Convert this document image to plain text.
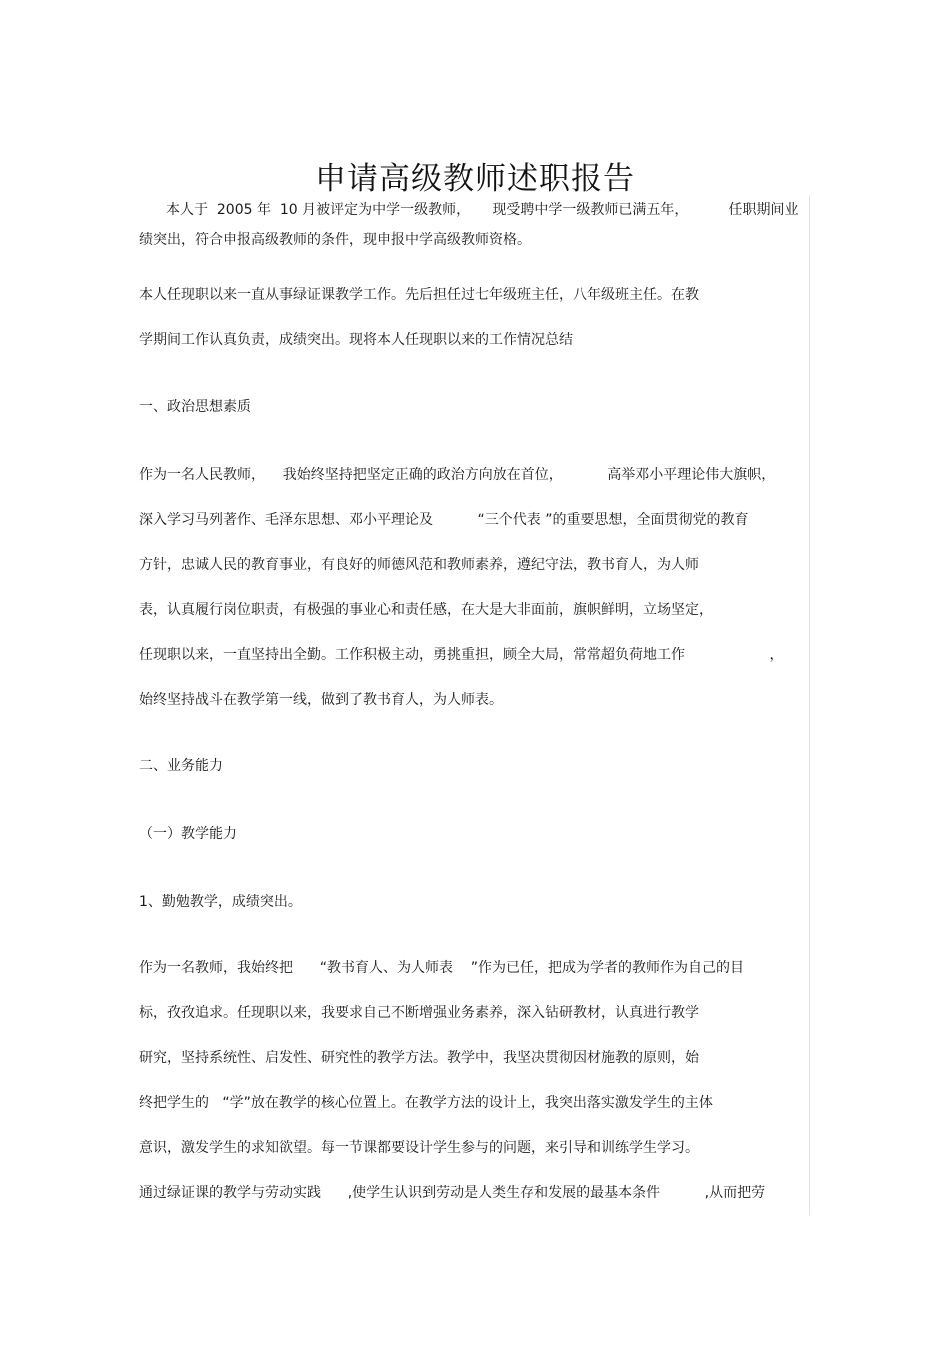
申请高级教师述职报告
本人于  2005 年  10 月被评定为中学一级教师，     现受聘中学一级教师已满五年，         任职期间业
绩突出，符合申报高级教师的条件，现申报中学高级教师资格。
本人任现职以来一直从事绿证课教学工作。先后担任过七年级班主任，八年级班主任。在教
学期间工作认真负责，成绩突出。现将本人任现职以来的工作情况总结
一、政治思想素质
作为一名人民教师，    我始终坚持把坚定正确的政治方向放在首位，          高举邓小平理论伟大旗帜，
深入学习马列著作、毛泽东思想、邓小平理论及          “三个代表 ”的重要思想，全面贯彻党的教育
方针，忠诚人民的教育事业，有良好的师德风范和教师素养，遵纪守法，教书育人，为人师
表，认真履行岗位职责，有极强的事业心和责任感，在大是大非面前，旗帜鲜明，立场坚定，
任现职以来，一直坚持出全勤。工作积极主动，勇挑重担，顾全大局，常常超负荷地工作                   ，
始终坚持战斗在教学第一线，做到了教书育人，为人师表。
二、业务能力
（一）教学能力
1、勤勉教学，成绩突出。
作为一名教师，我始终把      “教书育人、为人师表    ”作为已任，把成为学者的教师作为自己的目
标，孜孜追求。任现职以来，我要求自己不断增强业务素养，深入钻研教材，认真进行教学
研究，坚持系统性、启发性、研究性的教学方法。教学中，我坚决贯彻因材施教的原则，始
终把学生的   “学”放在教学的核心位置上。在教学方法的设计上，我突出落实激发学生的主体
意识，激发学生的求知欲望。每一节课都要设计学生参与的问题，来引导和训练学生学习。
通过绿证课的教学与劳动实践      ,使学生认识到劳动是人类生存和发展的最基本条件          ,从而把劳
